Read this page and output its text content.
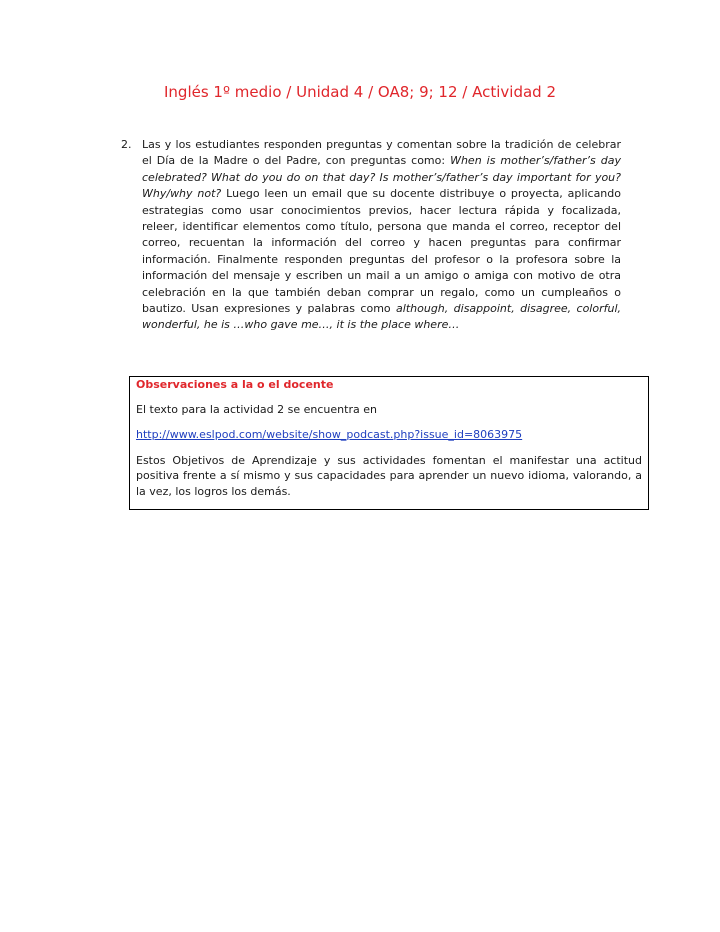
Inglés 1º medio / Unidad 4 / OA8; 9; 12 / Actividad 2
2. Las y los estudiantes responden preguntas y comentan sobre la tradición de celebrar el Día de la Madre o del Padre, con preguntas como: When is mother’s/father’s day celebrated? What do you do on that day? Is mother’s/father’s day important for you? Why/why not? Luego leen un email que su docente distribuye o proyecta, aplicando estrategias como usar conocimientos previos, hacer lectura rápida y focalizada, releer, identificar elementos como título, persona que manda el correo, receptor del correo, recuentan la información del correo y hacen preguntas para confirmar información. Finalmente responden preguntas del profesor o la profesora sobre la información del mensaje y escriben un mail a un amigo o amiga con motivo de otra celebración en la que también deban comprar un regalo, como un cumpleaños o bautizo. Usan expresiones y palabras como although, disappoint, disagree, colorful, wonderful, he is …who gave me…, it is the place where…

Observaciones a la o el docente

El texto para la actividad 2 se encuentra en

http://www.eslpod.com/website/show_podcast.php?issue_id=8063975

Estos Objetivos de Aprendizaje y sus actividades fomentan el manifestar una actitud positiva frente a sí mismo y sus capacidades para aprender un nuevo idioma, valorando, a la vez, los logros los demás.
